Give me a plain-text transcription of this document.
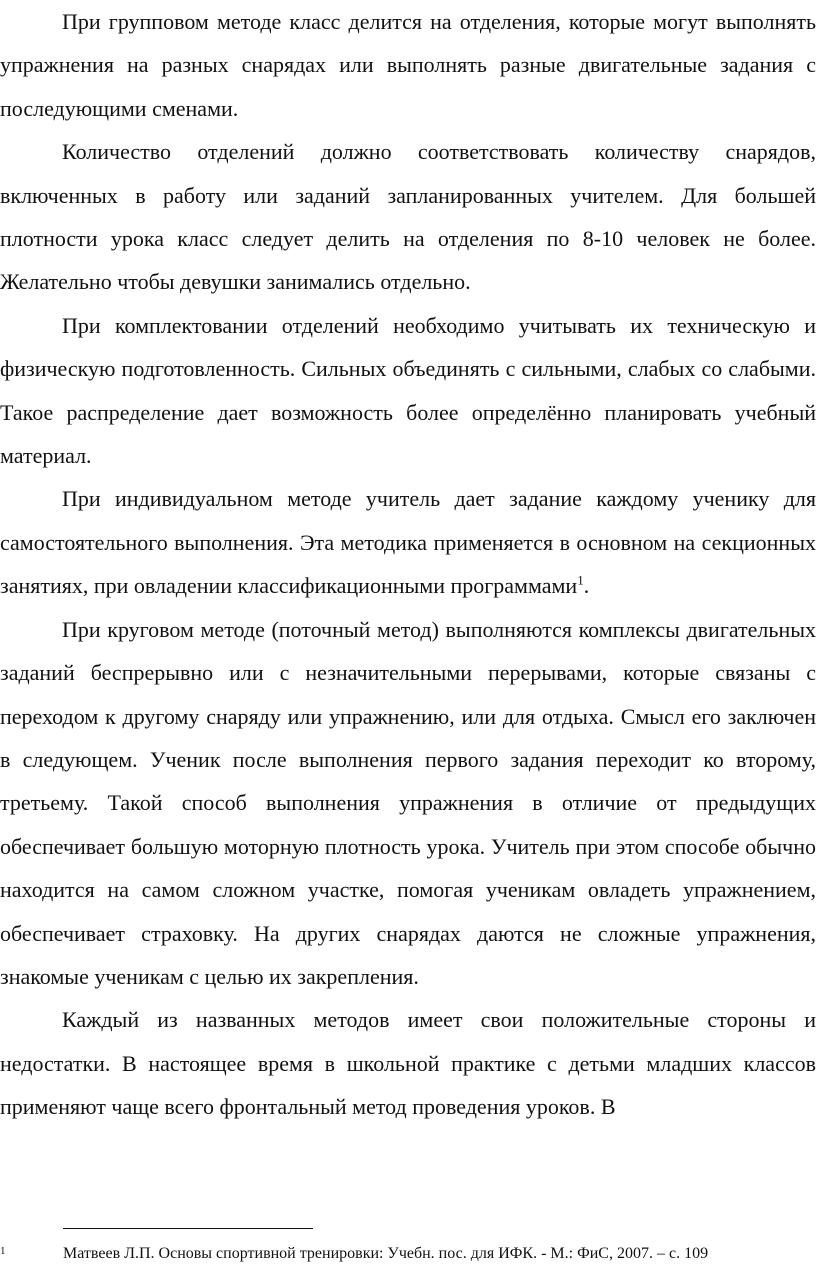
При групповом методе класс делится на отделения, которые могут выполнять упражнения на разных снарядах или выполнять разные двигательные задания с последующими сменами.

Количество отделений должно соответствовать количеству снарядов, включенных в работу или заданий запланированных учителем. Для большей плотности урока класс следует делить на отделения по 8-10 человек не более. Желательно чтобы девушки занимались отдельно.

При комплектовании отделений необходимо учитывать их техническую и физическую подготовленность. Сильных объединять с сильными, слабых со слабыми. Такое распределение дает возможность более определённо планировать учебный материал.

При индивидуальном методе учитель дает задание каждому ученику для самостоятельного выполнения. Эта методика применяется в основном на секционных занятиях, при овладении классификационными программами$^1$.

При круговом методе (поточный метод) выполняются комплексы двигательных заданий беспрерывно или с незначительными перерывами, которые связаны с переходом к другому снаряду или упражнению, или для отдыха. Смысл его заключен в следующем. Ученик после выполнения первого задания переходит ко второму, третьему. Такой способ выполнения упражнения в отличие от предыдущих обеспечивает большую моторную плотность урока. Учитель при этом способе обычно находится на самом сложном участке, помогая ученикам овладеть упражнением, обеспечивает страховку. На других снарядах даются не сложные упражнения, знакомые ученикам с целью их закрепления.

Каждый из названных методов имеет свои положительные стороны и недостатки. В настоящее время в школьной практике с детьми младших классов применяют чаще всего фронтальный метод проведения уроков. В

1	Матвеев Л.П. Основы спортивной тренировки: Учебн. пос. для ИФК. - М.: ФиС, 2007. – с. 109
